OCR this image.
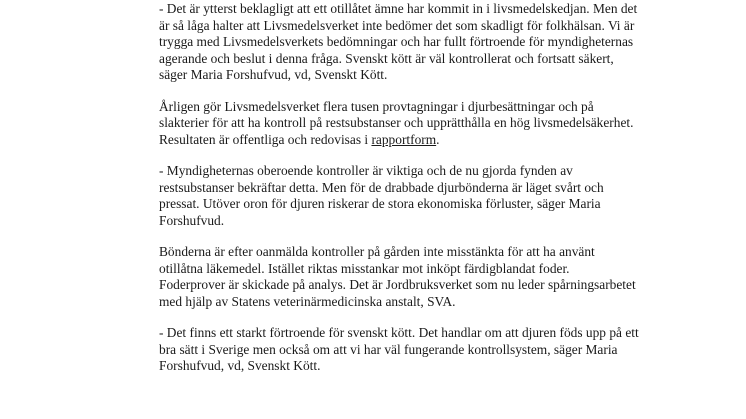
- Det är ytterst beklagligt att ett otillåtet ämne har kommit in i livsmedelskedjan. Men det är så låga halter att Livsmedelsverket inte bedömer det som skadligt för folkhälsan. Vi är trygga med Livsmedelsverkets bedömningar och har fullt förtroende för myndigheternas agerande och beslut i denna fråga. Svenskt kött är väl kontrollerat och fortsatt säkert, säger Maria Forshufvud, vd, Svenskt Kött.

Årligen gör Livsmedelsverket flera tusen provtagningar i djurbesättningar och på slakterier för att ha kontroll på restsubstanser och upprätthålla en hög livsmedelsäkerhet. Resultaten är offentliga och redovisas i rapportform.

- Myndigheternas oberoende kontroller är viktiga och de nu gjorda fynden av restsubstanser bekräftar detta. Men för de drabbade djurbönderna är läget svårt och pressat. Utöver oron för djuren riskerar de stora ekonomiska förluster, säger Maria Forshufvud.

Bönderna är efter oanmälda kontroller på gården inte misstänkta för att ha använt otillåtna läkemedel. Istället riktas misstankar mot inköpt färdigblandat foder. Foderprover är skickade på analys. Det är Jordbruksverket som nu leder spårningsarbetet med hjälp av Statens veterinärmedicinska anstalt, SVA.

- Det finns ett starkt förtroende för svenskt kött. Det handlar om att djuren föds upp på ett bra sätt i Sverige men också om att vi har väl fungerande kontrollsystem, säger Maria Forshufvud, vd, Svenskt Kött.
